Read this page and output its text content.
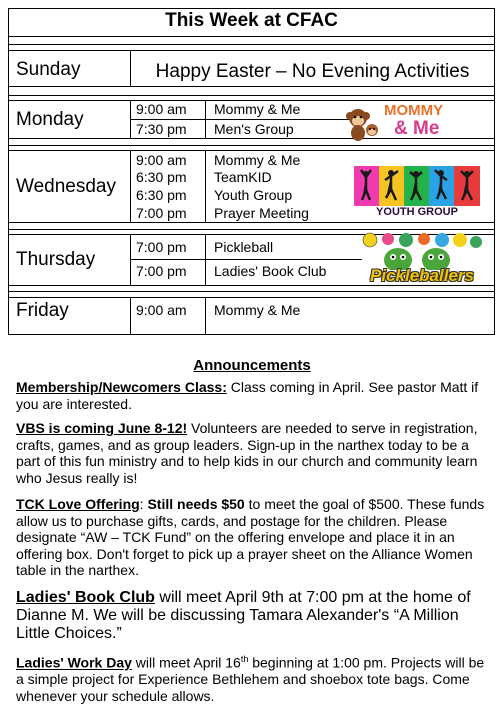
This Week at CFAC
Sunday	Happy Easter – No Evening Activities
Monday	9:00 am Mommy & Me
7:30 pm Men's Group
Wednesday
9:00 am Mommy & Me
6:30 pm TeamKID
6:30 pm Youth Group
7:00 pm Prayer Meeting
Thursday
7:00 pm Pickleball
7:00 pm Ladies' Book Club
Friday	9:00 am Mommy & Me
MOMMY
& Me
YOUTH GROUP
Pickleballers
Announcements
Membership/Newcomers Class: Class coming in April. See pastor Matt if you are interested.
VBS is coming June 8-12! Volunteers are needed to serve in registration, crafts, games, and as group leaders. Sign-up in the narthex today to be a part of this fun ministry and to help kids in our church and community learn who Jesus really is!
TCK Love Offering: Still needs $50 to meet the goal of $500. These funds allow us to purchase gifts, cards, and postage for the children. Please designate “AW – TCK Fund” on the offering envelope and place it in an offering box. Don't forget to pick up a prayer sheet on the Alliance Women table in the narthex.
Ladies' Book Club will meet April 9th at 7:00 pm at the home of Dianne M. We will be discussing Tamara Alexander's “A Million Little Choices.”
Ladies' Work Day will meet April 16th beginning at 1:00 pm. Projects will be a simple project for Experience Bethlehem and shoebox tote bags. Come whenever your schedule allows.
